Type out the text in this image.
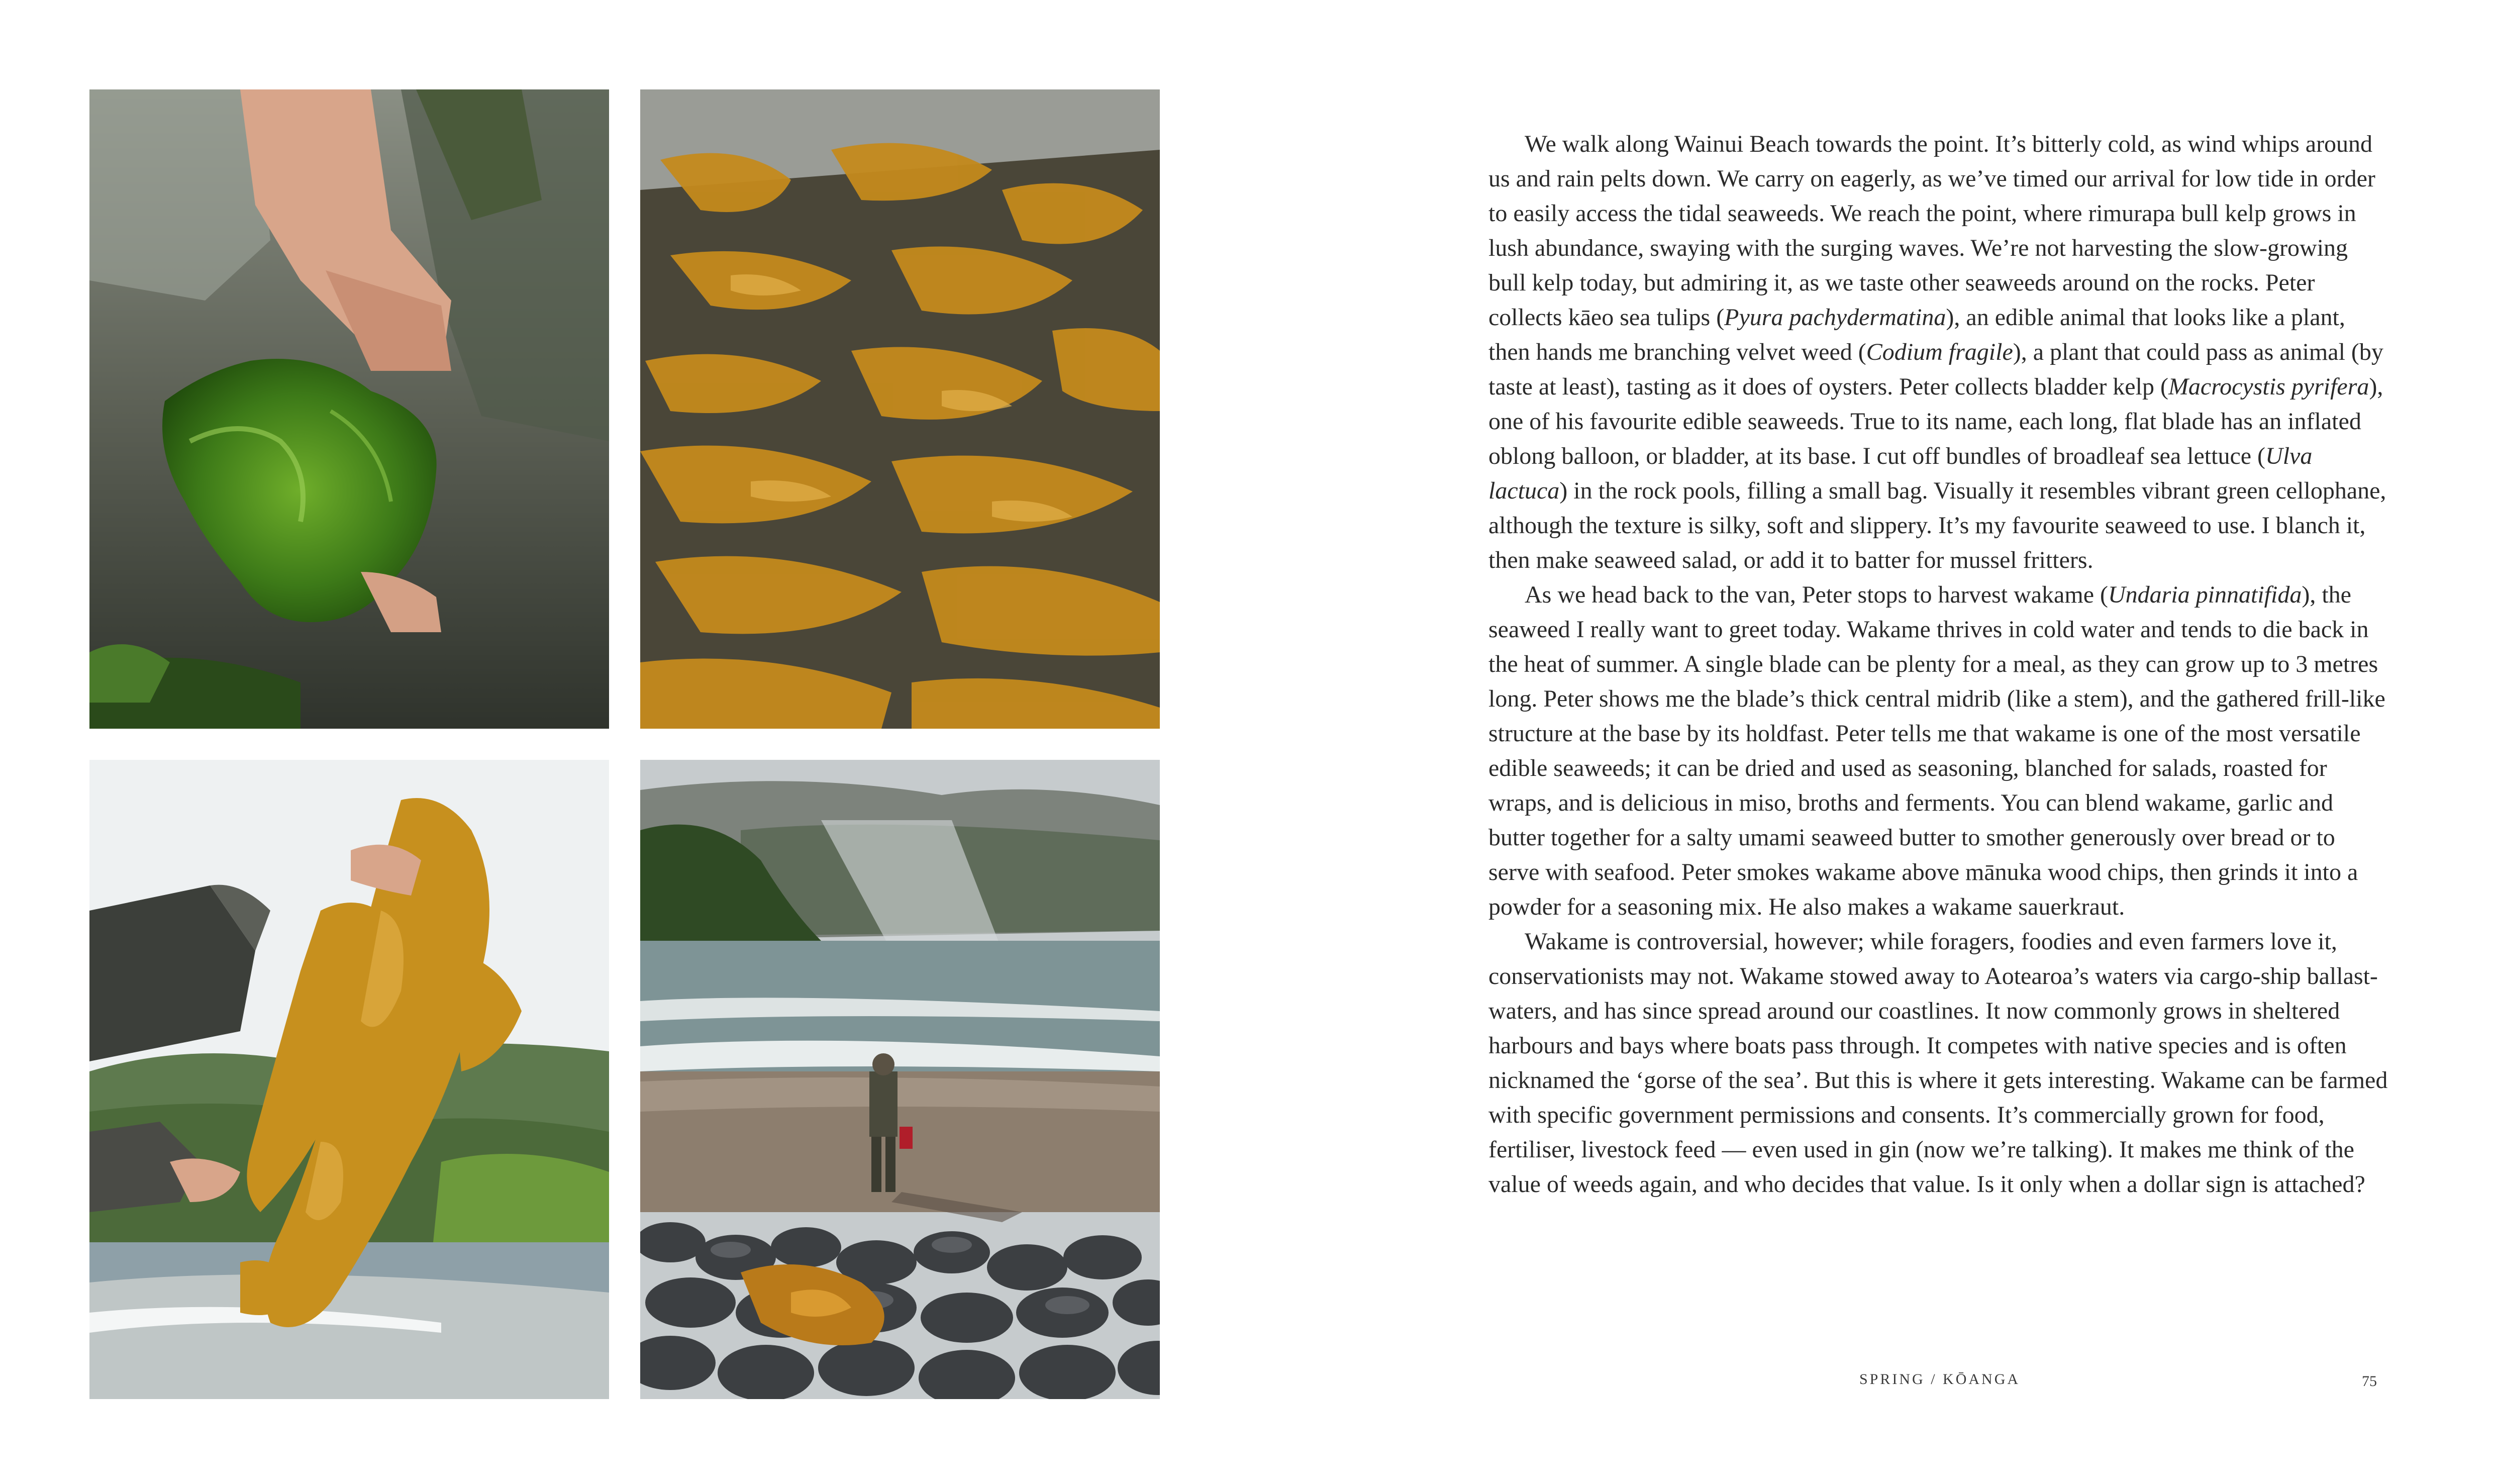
We walk along Wainui Beach towards the point. It’s bitterly cold, as wind whips around us and rain pelts down. We carry on eagerly, as we’ve timed our arrival for low tide in order to easily access the tidal seaweeds. We reach the point, where rimurapa bull kelp grows in lush abundance, swaying with the surging waves. We’re not harvesting the slow-growing bull kelp today, but admiring it, as we taste other seaweeds around on the rocks. Peter collects kāeo sea tulips (Pyura pachydermatina), an edible animal that looks like a plant, then hands me branching velvet weed (Codium fragile), a plant that could pass as animal (by taste at least), tasting as it does of oysters. Peter collects bladder kelp (Macrocystis pyrifera), one of his favourite edible seaweeds. True to its name, each long, flat blade has an inflated oblong balloon, or bladder, at its base. I cut off bundles of broadleaf sea lettuce (Ulva lactuca) in the rock pools, filling a small bag. Visually it resembles vibrant green cellophane, although the texture is silky, soft and slippery. It’s my favourite seaweed to use. I blanch it, then make seaweed salad, or add it to batter for mussel fritters.

As we head back to the van, Peter stops to harvest wakame (Undaria pinnatifida), the seaweed I really want to greet today. Wakame thrives in cold water and tends to die back in the heat of summer. A single blade can be plenty for a meal, as they can grow up to 3 metres long. Peter shows me the blade’s thick central midrib (like a stem), and the gathered frill-like structure at the base by its holdfast. Peter tells me that wakame is one of the most versatile edible seaweeds; it can be dried and used as seasoning, blanched for salads, roasted for wraps, and is delicious in miso, broths and ferments. You can blend wakame, garlic and butter together for a salty umami seaweed butter to smother generously over bread or to serve with seafood. Peter smokes wakame above mānuka wood chips, then grinds it into a powder for a seasoning mix. He also makes a wakame sauerkraut.

Wakame is controversial, however; while foragers, foodies and even farmers love it, conservationists may not. Wakame stowed away to Aotearoa’s waters via cargo-ship ballast-waters, and has since spread around our coastlines. It now commonly grows in sheltered harbours and bays where boats pass through. It competes with native species and is often nicknamed the ‘gorse of the sea’. But this is where it gets interesting. Wakame can be farmed with specific government permissions and consents. It’s commercially grown for food, fertiliser, livestock feed — even used in gin (now we’re talking). It makes me think of the value of weeds again, and who decides that value. Is it only when a dollar sign is attached?

SPRING / KŌANGA	75
